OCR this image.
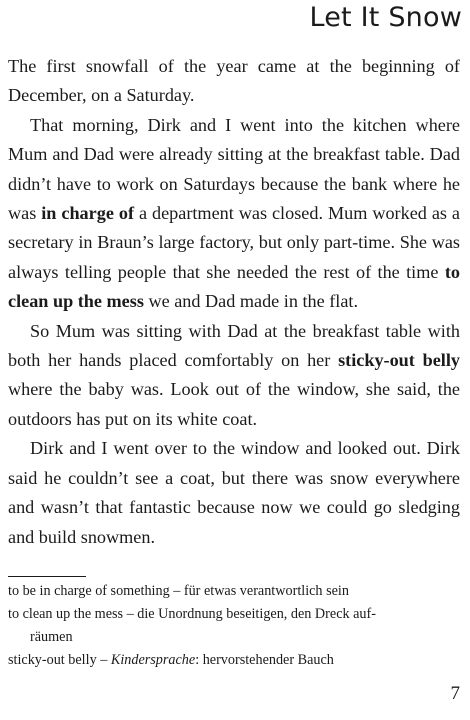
Let It Snow

The first snowfall of the year came at the beginning of December, on a Saturday.

That morning, Dirk and I went into the kitchen where Mum and Dad were already sitting at the breakfast table. Dad didn’t have to work on Saturdays because the bank where he was in charge of a department was closed. Mum worked as a secretary in Braun’s large factory, but only part-time. She was always telling people that she needed the rest of the time to clean up the mess we and Dad made in the flat.

So Mum was sitting with Dad at the breakfast table with both her hands placed comfortably on her sticky-out belly where the baby was. Look out of the window, she said, the outdoors has put on its white coat.

Dirk and I went over to the window and looked out. Dirk said he couldn’t see a coat, but there was snow everywhere and wasn’t that fantastic because now we could go sledging and build snowmen.

to be in charge of something – für etwas verantwortlich sein

to clean up the mess – die Unordnung beseitigen, den Dreck auf-

räumen

sticky-out belly – Kindersprache: hervorstehender Bauch

7
